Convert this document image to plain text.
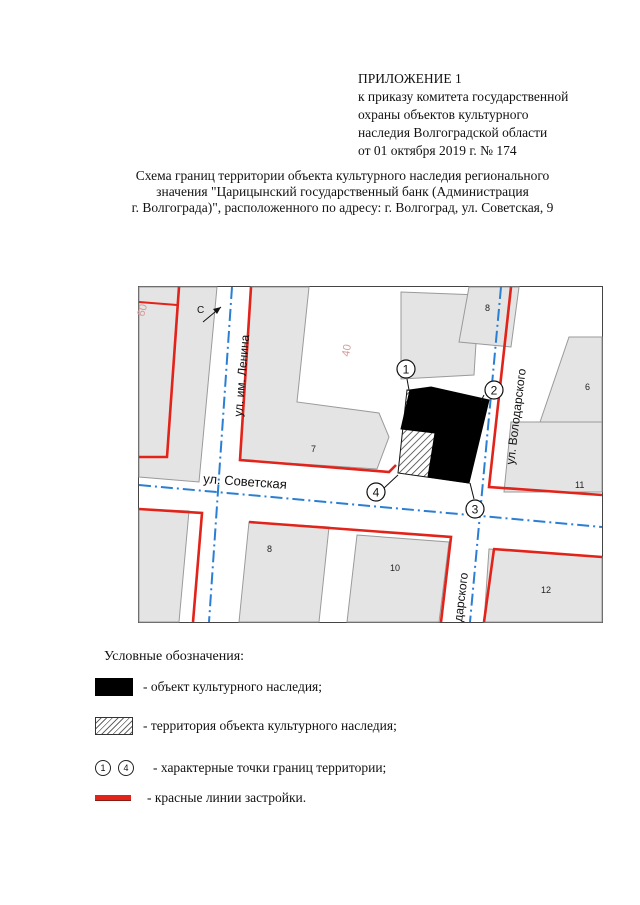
ПРИЛОЖЕНИЕ 1
к приказу комитета государственной
охраны объектов культурного
наследия Волгоградской области
от 01 октября 2019 г. № 174
Схема границ территории объекта культурного наследия регионального
значения "Царицынский государственный банк (Администрация
г. Волгограда)", расположенного по адресу: г. Волгоград, ул. Советская, 9
40
60
1
2
3
4
8
6
7
11
8
10
12
ул. им. Ленина
ул. Советская
ул. Володарского
дарского
С
Условные обозначения:
- объект культурного наследия;
- территория объекта культурного наследия;
1	4	- характерные точки границ территории;
- красные линии застройки.
